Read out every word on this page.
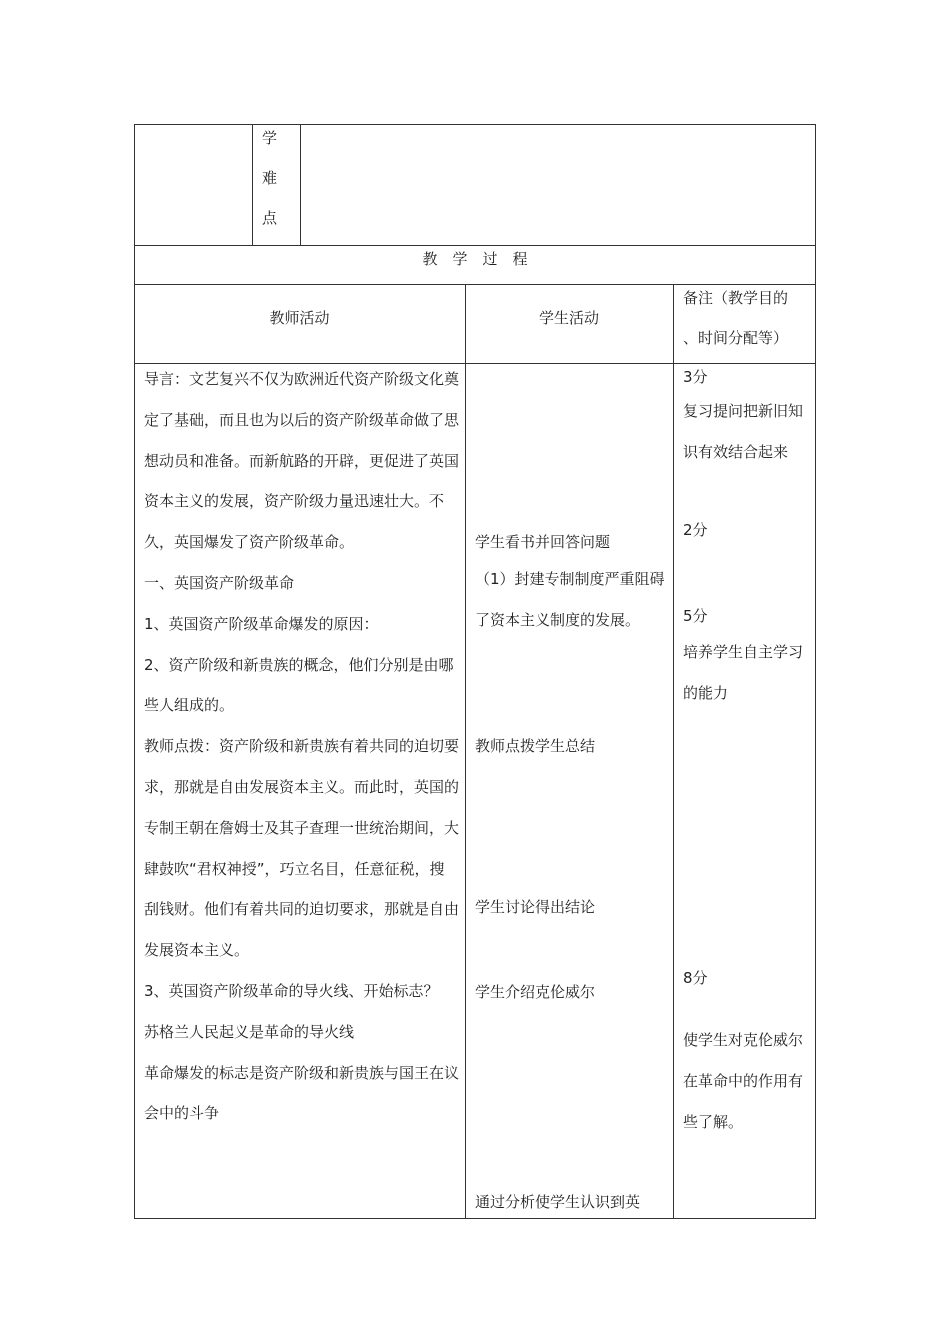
学
难
点
教　学　过　程
教师活动	学生活动
备注（教学目的
、时间分配等）
导言：文艺复兴不仅为欧洲近代资产阶级文化奠定了基础，而且也为以后的资产阶级革命做了思想动员和准备。而新航路的开辟，更促进了英国资本主义的发展，资产阶级力量迅速壮大。不久，英国爆发了资产阶级革命。
一、英国资产阶级革命
1、英国资产阶级革命爆发的原因：
2、资产阶级和新贵族的概念，他们分别是由哪些人组成的。
教师点拨：资产阶级和新贵族有着共同的迫切要求，那就是自由发展资本主义。而此时，英国的专制王朝在詹姆士及其子查理一世统治期间，大肆鼓吹“君权神授”，巧立名目，任意征税，搜刮钱财。他们有着共同的迫切要求，那就是自由发展资本主义。
3、英国资产阶级革命的导火线、开始标志？
苏格兰人民起义是革命的导火线
革命爆发的标志是资产阶级和新贵族与国王在议会中的斗争
学生看书并回答问题
（1）封建专制制度严重阻碍了资本主义制度的发展。
教师点拨学生总结
学生讨论得出结论
学生介绍克伦威尔
通过分析使学生认识到英
3分
复习提问把新旧知识有效结合起来
2分
5分
培养学生自主学习的能力
8分
使学生对克伦威尔在革命中的作用有些了解。
